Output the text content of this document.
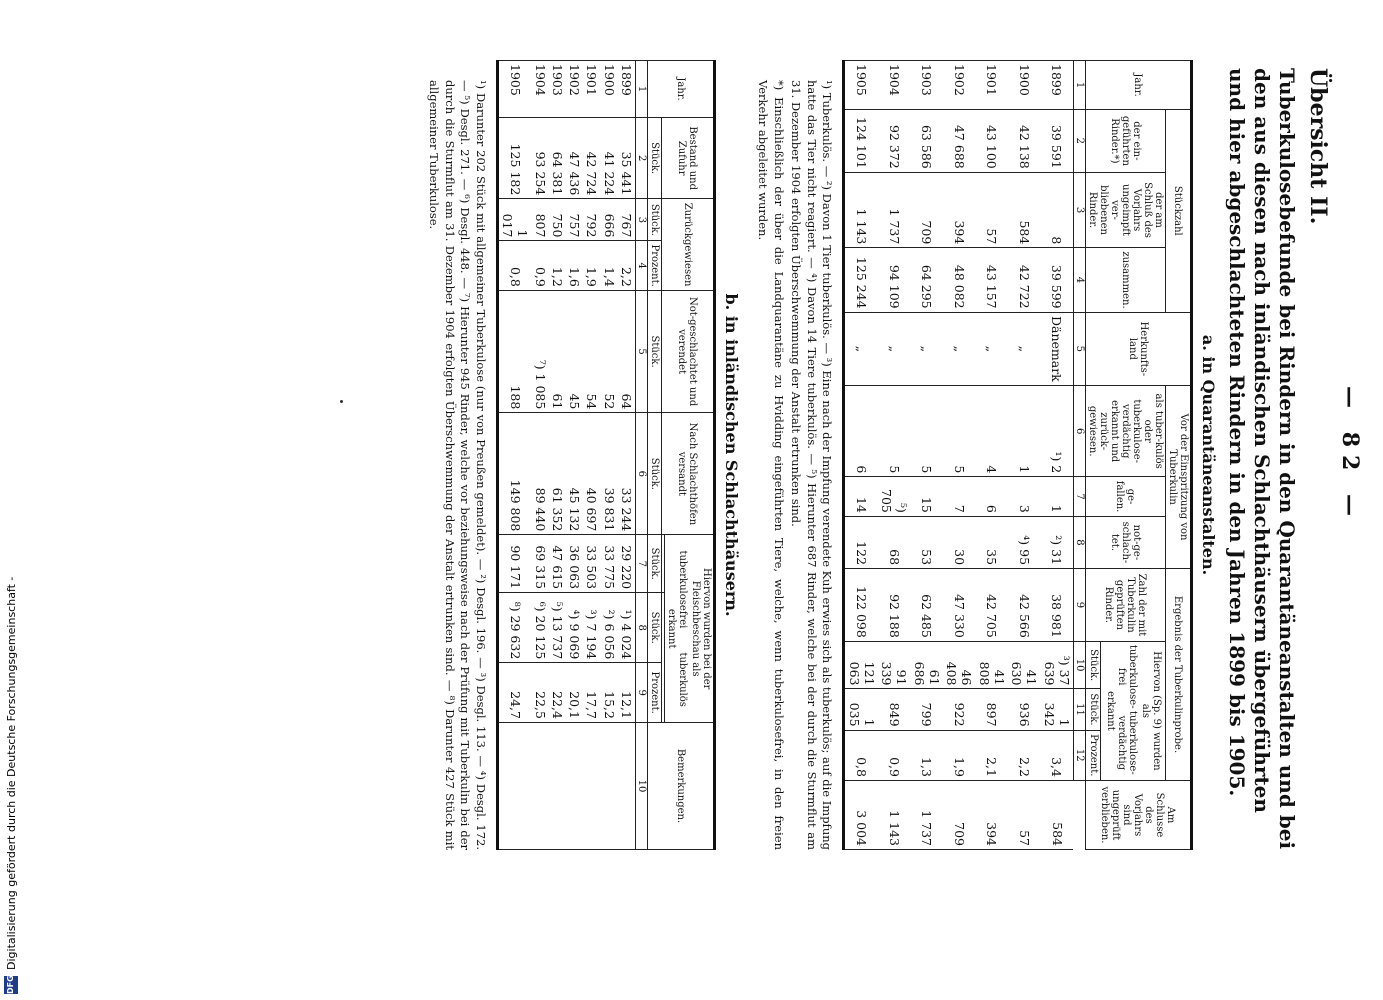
— 82 —
Übersicht II.
Tuberkulosebefunde bei Rindern in den Quarantäneanstalten und bei den aus diesen nach inländischen Schlachthäusern übergeführten und hier abgeschlachteten Rindern in den Jahren 1899 bis 1905.
a. in Quarantäneanstalten.
Jahr.	Stückzahl			Herkunfts-land	Vor der Einspritzung von Tuberkulin			Ergebnis der Tuberkulinprobe.				Am Schlusse des Vorjahrs sind ungeprüft verblieben.
	der ein-geführten Rinder.*)	der am Schluß des Vorjahrs ungeimpft ver-bliebenen Rinder.	zusammen.		als tuber-kulös oder tuberkulose-verdächtig erkannt und zurück-gewiesen.	ge-fallen.	not-ge-schlach-tet.	Zahl der mit Tuberkulin geprüften Rinder.	Hiervon (Sp. 9) wurden als
tuberkulose-frei
tuberkulose-verdächtig
erkannt			

									Stück.	Stück.	Prozent.	
1	2	3	4	5	6	7	8	9	10	11	12	
1899	39 591	8	39 599	Dänemark	¹) 2	1	²) 31	38 981	³) 37 639	1 342	3,4	584
1900	42 138	584	42 722	„	1	3	⁴) 95	42 566	41 630	936	2,2	57
1901	43 100	57	43 157	„	4	6	35	42 705	41 808	897	2,1	394
1902	47 688	394	48 082	„	5	7	30	47 330	46 408	922	1,9	709
1903	63 586	709	64 295	„	5	15	53	62 485	61 686	799	1,3	1 737
1904	92 372	1 737	94 109	„	5	⁵) 705	68	92 188	91 339	849	0,9	1 143
1905	124 101	1 143	125 244	„	6	14	122	122 098	121 063	1 035	0,8	3 004

¹) Tuberkulös. — ²) Davon 1 Tier tuberkulös. — ³) Eine nach der Impfung verendete Kuh erwies sich als tuberkulös; auf die Impfung hatte das Tier nicht reagiert. — ⁴) Davon 14 Tiere tuberkulös. — ⁵) Hierunter 687 Rinder, welche bei der durch die Sturmflut am 31. Dezember 1904 erfolgten Überschwemmung der Anstalt ertrunken sind.

*) Einschließlich der über die Landquarantäne zu Hvidding eingeführten Tiere, welche, wenn tuberkulosefrei, in den freien Verkehr abgeleitet wurden.

b. in inländischen Schlachthäusern.
Jahr.	Bestand und Zufuhr	Zurückgewiesen		Not-geschlachtet und verendet	Nach Schlachthöfen versandt	Hiervon wurden bei der Fleischbeschau als
tuberkulosefrei
tuberkulös
erkannt			Bemerkungen.

	Stück.	Stück.	Prozent.	Stück.	Stück.	Stück.	Stück.	Prozent.	
1	2	3	4	5	6	7	8	9	10
1899	35 441	767	2,2	64	33 244	29 220	¹) 4 024	12,1	
1900	41 224	666	1,4	52	39 831	33 775	²) 6 056	15,2	
1901	42 724	792	1,9	54	40 697	33 503	³) 7 194	17,7	
1902	47 436	757	1,6	45	45 132	36 063	⁴) 9 069	20,1	
1903	64 381	750	1,2	61	61 352	47 615	⁵) 13 737	22,4	
1904	93 254	807	0,9	⁷) 1 085	89 440	69 315	⁶) 20 125	22,5	
1905	125 182	1 017	0,8	188	149 808	90 171	⁸) 29 632	24,7	

¹) Darunter 202 Stück mit allgemeiner Tuberkulose (nur von Preußen gemeldet). — ²) Desgl. 196. — ³) Desgl. 113. — ⁴) Desgl. 172. — ⁵) Desgl. 271. — ⁶) Desgl. 448. — ⁷) Hierunter 945 Rinder, welche vor beziehungsweise nach der Prüfung mit Tuberkulin bei der durch die Sturmflut am 31. Dezember 1904 erfolgten Überschwemmung der Anstalt ertrunken sind. — ⁸) Darunter 427 Stück mit allgemeiner Tuberkulose.

DFG
Digitalisierung gefördert durch die Deutsche Forschungsgemeinschaft -
